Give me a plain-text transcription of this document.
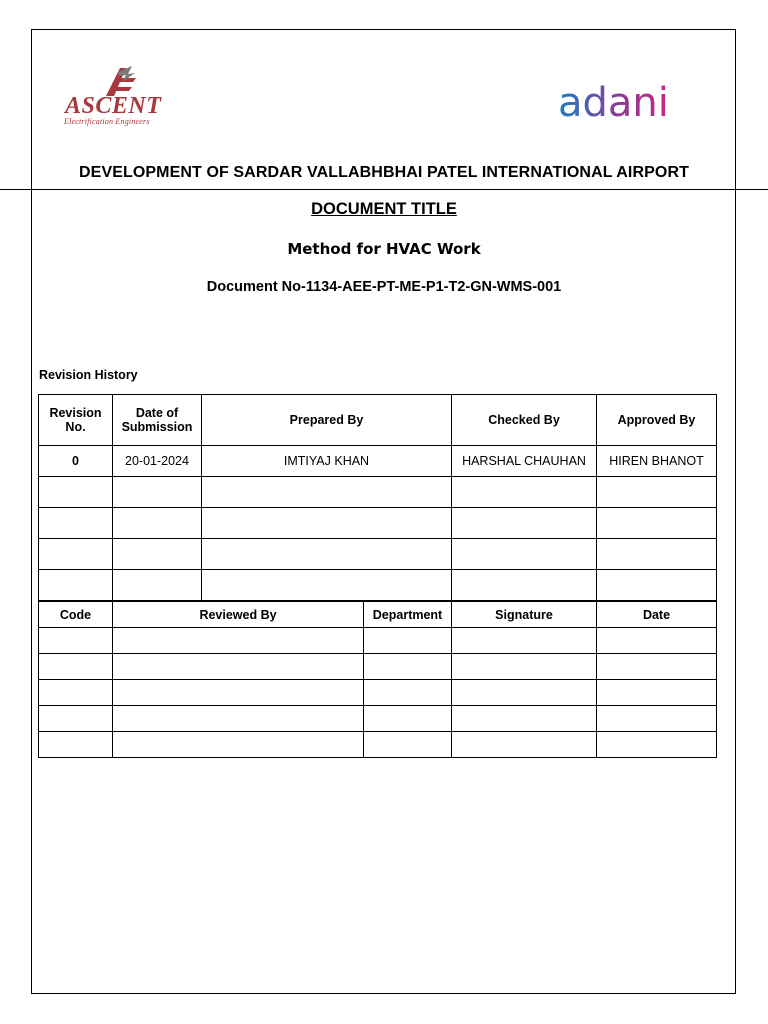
ASCENT
Electrification Engineers	adani
DEVELOPMENT OF SARDAR VALLABHBHAI PATEL INTERNATIONAL AIRPORT
DOCUMENT TITLE
Method for HVAC Work
Document No-1134-AEE-PT-ME-P1-T2-GN-WMS-001
Revision History
Revision No.	Date of Submission	Prepared By	Checked By	Approved By
0	20-01-2024	IMTIYAJ KHAN	HARSHAL CHAUHAN	HIREN BHANOT

Code	Reviewed By	Department	Signature	Date
